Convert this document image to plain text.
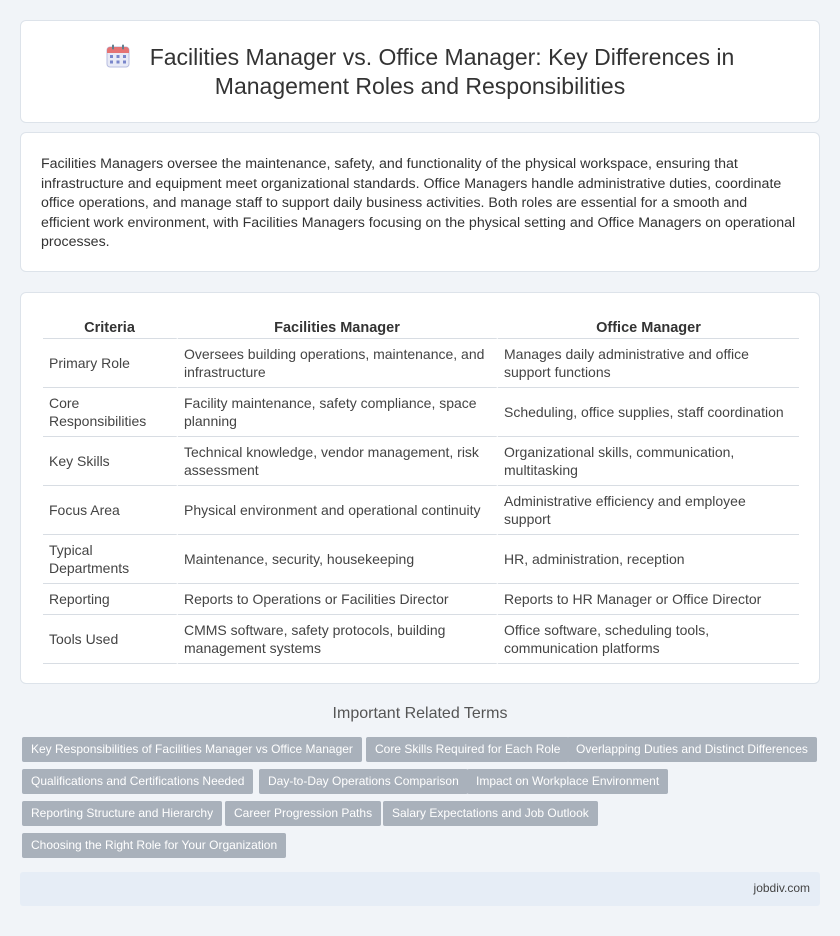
Facilities Manager vs. Office Manager: Key Differences in
Management Roles and Responsibilities

Facilities Managers oversee the maintenance, safety, and functionality of the physical workspace, ensuring that infrastructure and equipment meet organizational standards. Office Managers handle administrative duties, coordinate office operations, and manage staff to support daily business activities. Both roles are essential for a smooth and efficient work environment, with Facilities Managers focusing on the physical setting and Office Managers on operational processes.

Criteria	Facilities Manager	Office Manager
Primary Role	Oversees building operations, maintenance, and infrastructure	Manages daily administrative and office support functions
Core Responsibilities	Facility maintenance, safety compliance, space planning	Scheduling, office supplies, staff coordination
Key Skills	Technical knowledge, vendor management, risk assessment	Organizational skills, communication, multitasking
Focus Area	Physical environment and operational continuity	Administrative efficiency and employee support
Typical Departments	Maintenance, security, housekeeping	HR, administration, reception
Reporting	Reports to Operations or Facilities Director	Reports to HR Manager or Office Director
Tools Used	CMMS software, safety protocols, building management systems	Office software, scheduling tools, communication platforms
Important Related Terms
Key Responsibilities of Facilities Manager vs Office Manager	Core Skills Required for Each Role	Overlapping Duties and Distinct Differences
Qualifications and Certifications Needed	Day-to-Day Operations Comparison	Impact on Workplace Environment
Reporting Structure and Hierarchy	Career Progression Paths	Salary Expectations and Job Outlook
Choosing the Right Role for Your Organization
jobdiv.com
